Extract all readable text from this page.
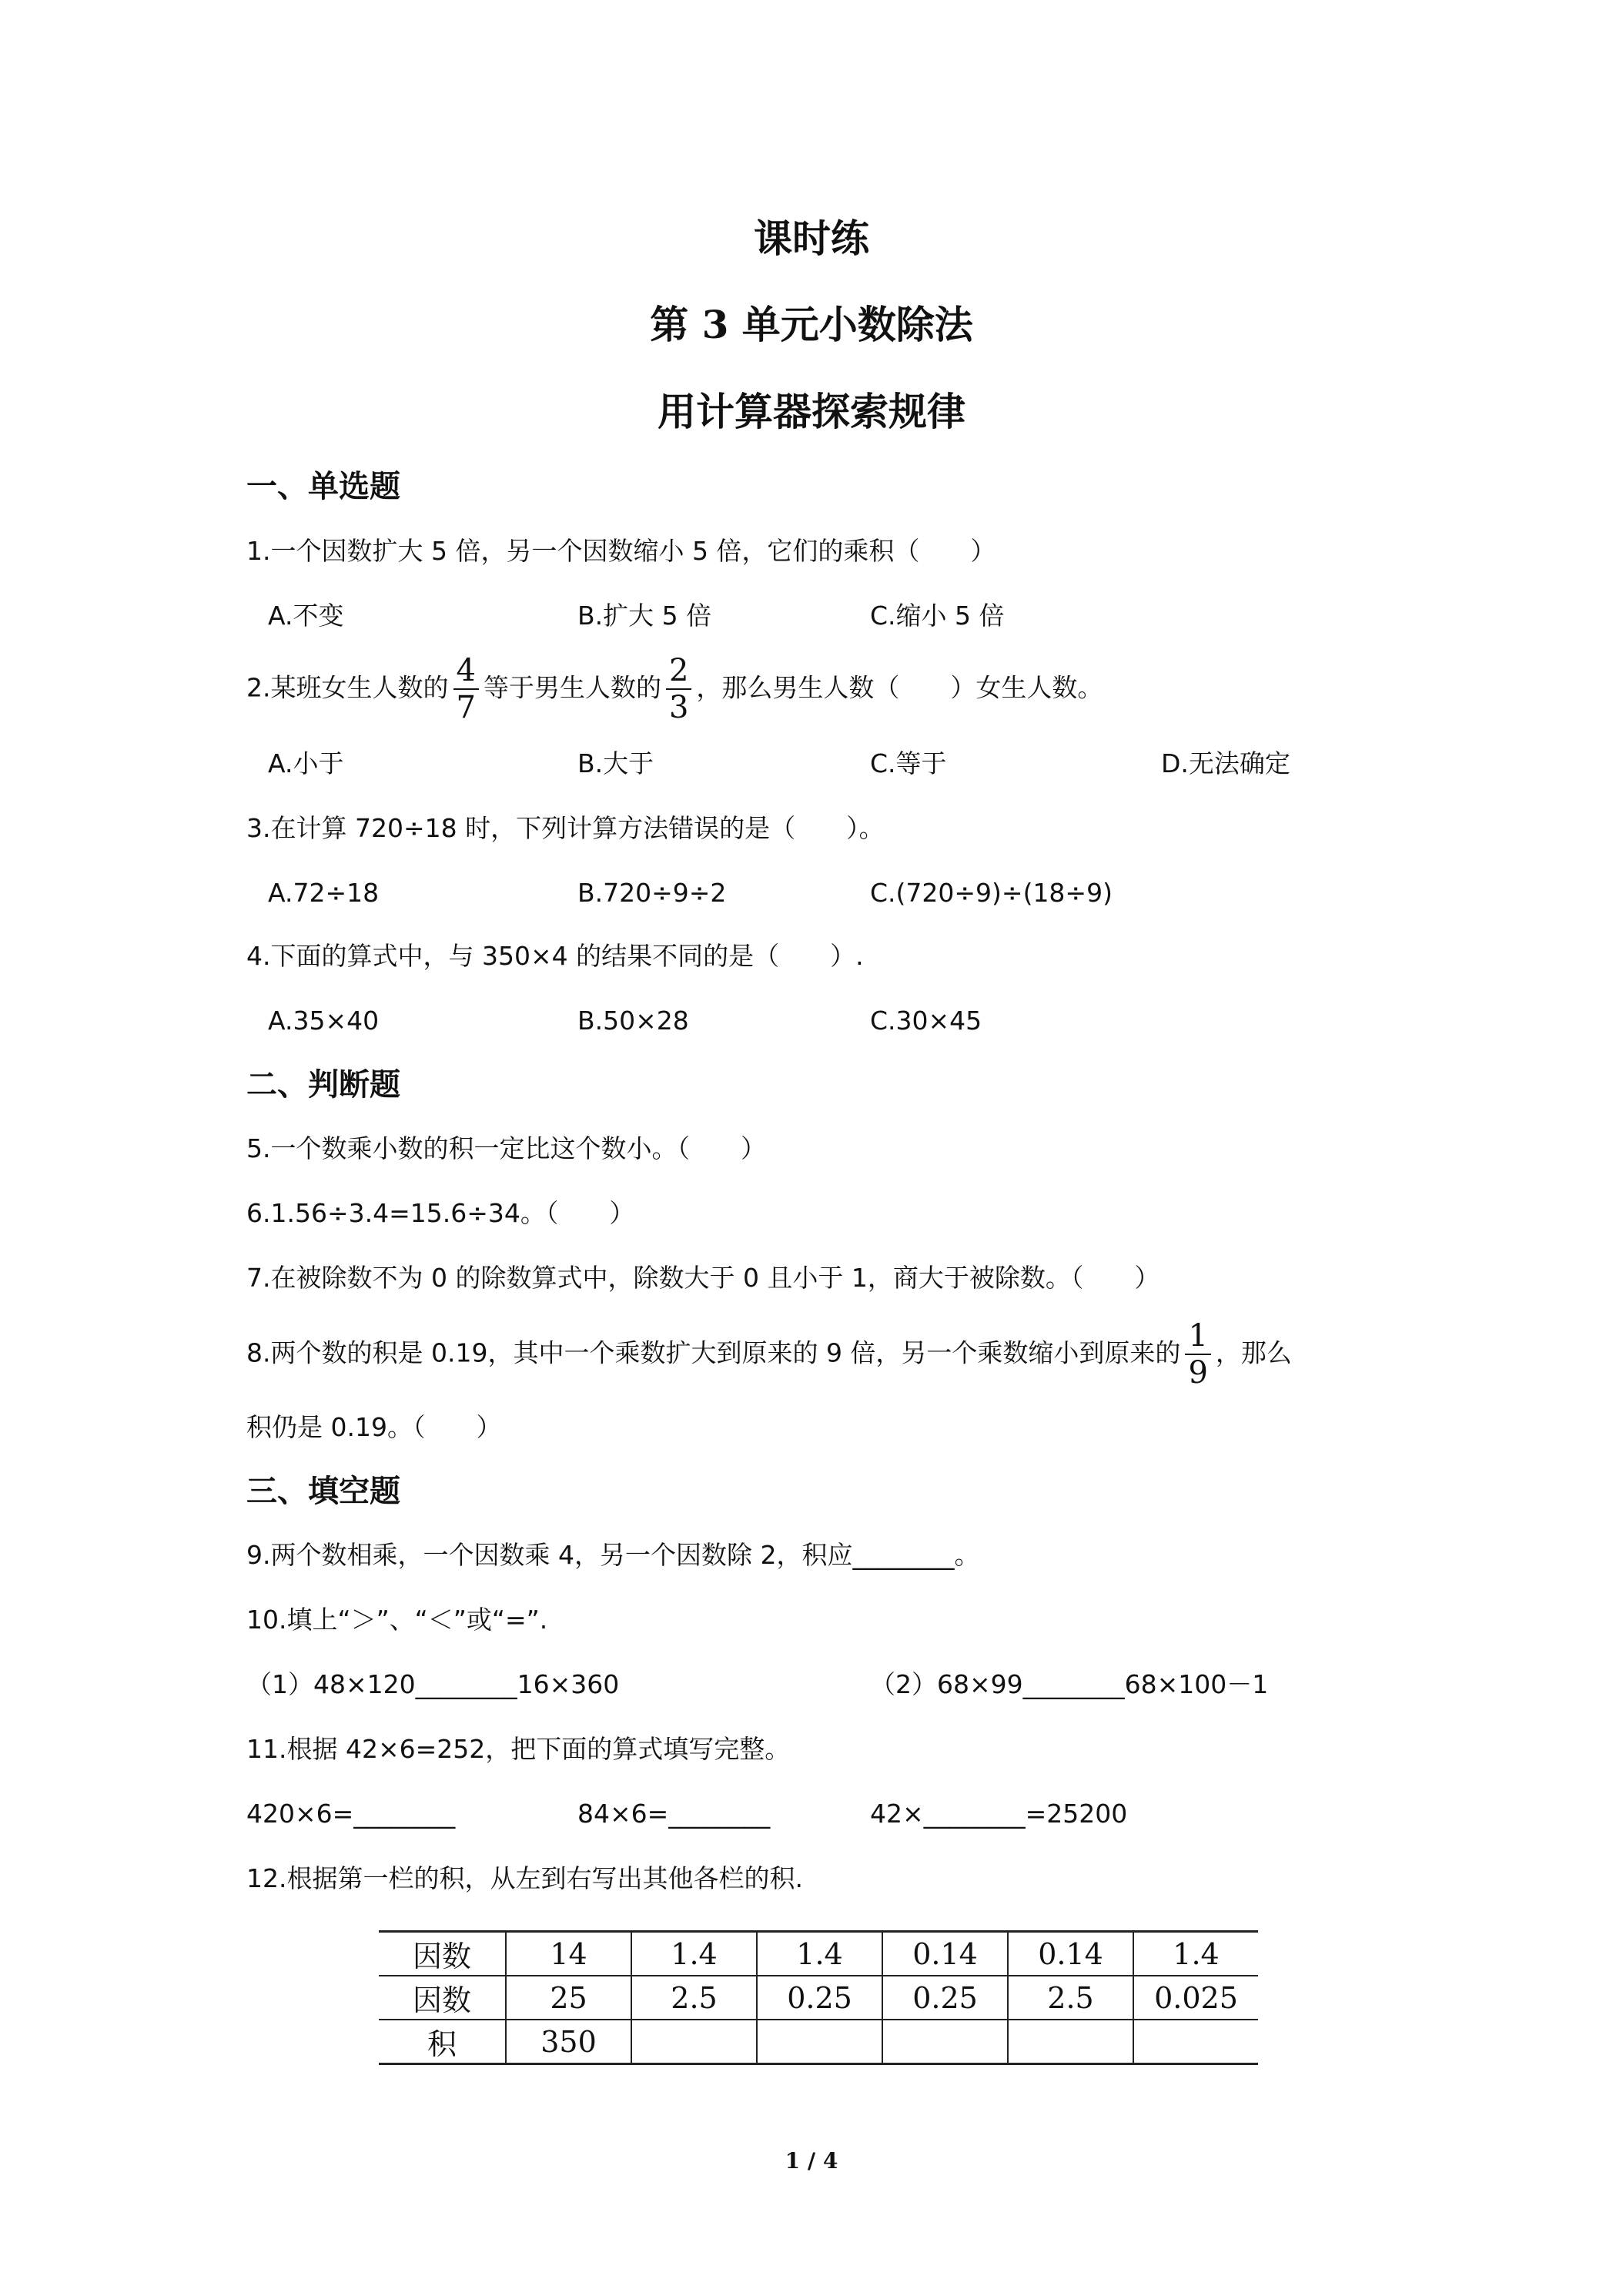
课时练
第 3 单元小数除法
用计算器探索规律
一、单选题
1.一个因数扩大 5 倍，另一个因数缩小 5 倍，它们的乘积（　　）
A.不变	B.扩大 5 倍	C.缩小 5 倍
2.某班女生人数的 $\frac{4}{7}$ 等于男生人数的 $\frac{2}{3}$ ，那么男生人数（　　）女生人数。
A.小于	B.大于	C.等于	D.无法确定
3.在计算 720÷18 时，下列计算方法错误的是（　　）。
A.72÷18	B.720÷9÷2	C.(720÷9)÷(18÷9)
4.下面的算式中，与 350×4 的结果不同的是（　　）.
A.35×40	B.50×28	C.30×45
二、判断题
5.一个数乘小数的积一定比这个数小。（　　）
6.1.56÷3.4=15.6÷34。（　　）
7.在被除数不为 0 的除数算式中，除数大于 0 且小于 1，商大于被除数。（　　）
8.两个数的积是 0.19，其中一个乘数扩大到原来的 9 倍，另一个乘数缩小到原来的 $\frac{1}{9}$ ，那么
积仍是 0.19。（　　）
三、填空题
9.两个数相乘，一个因数乘 4，另一个因数除 2，积应________。
10.填上“＞”、“＜”或“=”.
（1）48×120________16×360	（2）68×99________68×100－1
11.根据 42×6=252，把下面的算式填写完整。
420×6=________	84×6=________	42×________=25200
12.根据第一栏的积，从左到右写出其他各栏的积.
因数	14	1.4	1.4	0.14	0.14	1.4
因数	25	2.5	0.25	0.25	2.5	0.025
积	350					
1 / 4
